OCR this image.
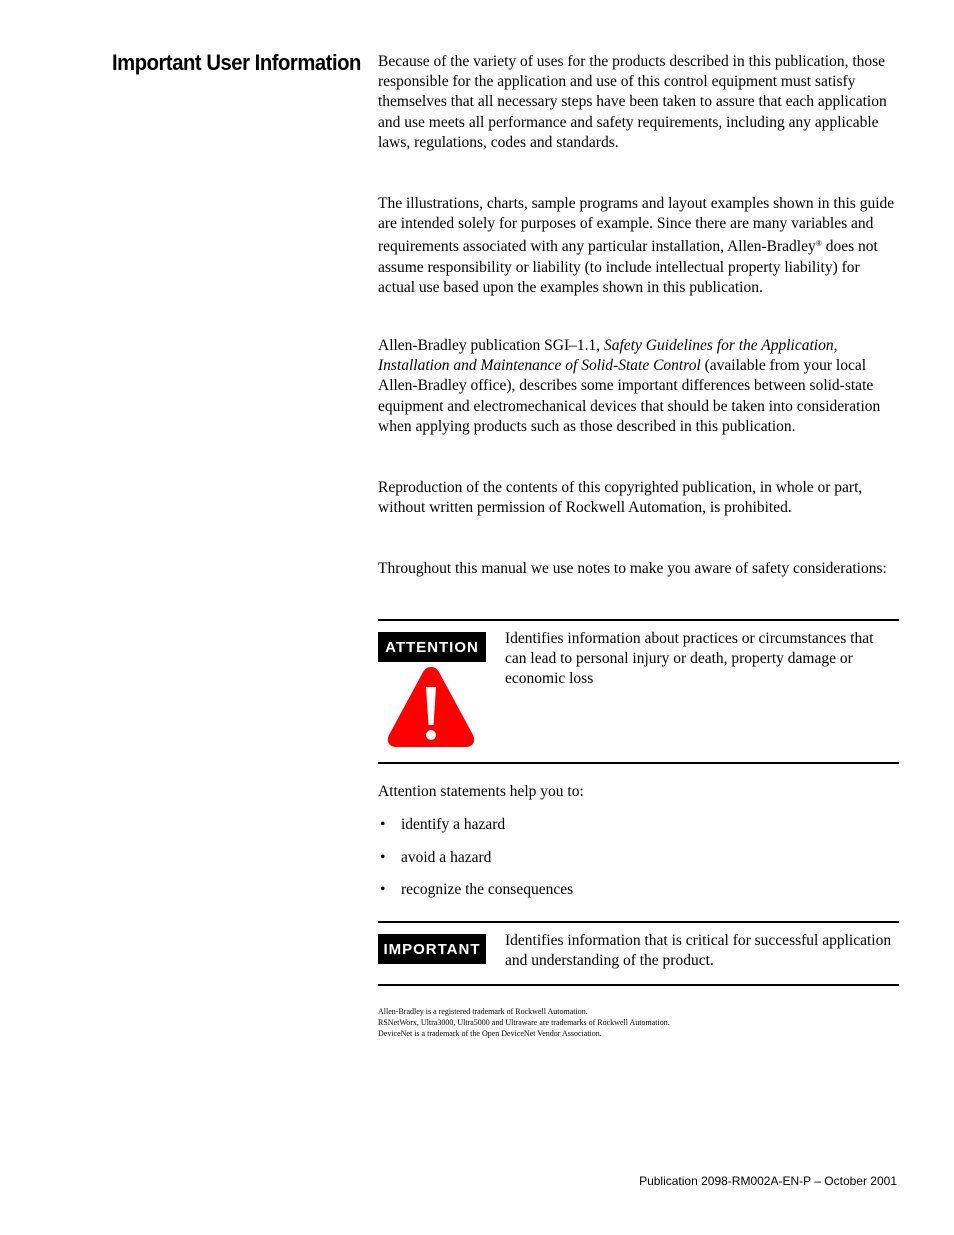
Important User Information Because of the variety of uses for the products described in this publication, those responsible for the application and use of this control equipment must satisfy themselves that all necessary steps have been taken to assure that each application and use meets all performance and safety requirements, including any applicable laws, regulations, codes and standards.

The illustrations, charts, sample programs and layout examples shown in this guide are intended solely for purposes of example. Since there are many variables and requirements associated with any particular installation, Allen-Bradley® does not assume responsibility or liability (to include intellectual property liability) for actual use based upon the examples shown in this publication.

Allen-Bradley publication SGI–1.1, Safety Guidelines for the Application, Installation and Maintenance of Solid-State Control (available from your local Allen-Bradley office), describes some important differences between solid-state equipment and electromechanical devices that should be taken into consideration when applying products such as those described in this publication.

Reproduction of the contents of this copyrighted publication, in whole or part, without written permission of Rockwell Automation, is prohibited.

Throughout this manual we use notes to make you aware of safety considerations:

ATTENTION	Identifies information about practices or circumstances that can lead to personal injury or death, property damage or economic loss
Attention statements help you to:
• identify a hazard
• avoid a hazard
• recognize the consequences
IMPORTANT	Identifies information that is critical for successful application and understanding of the product.
Allen-Bradley is a registered trademark of Rockwell Automation.
RSNetWorx, Ultra3000, Ultra5000 and Ultraware are trademarks of Rockwell Automation.
DeviceNet is a trademark of the Open DeviceNet Vendor Association.
Publication 2098-RM002A-EN-P – October 2001
